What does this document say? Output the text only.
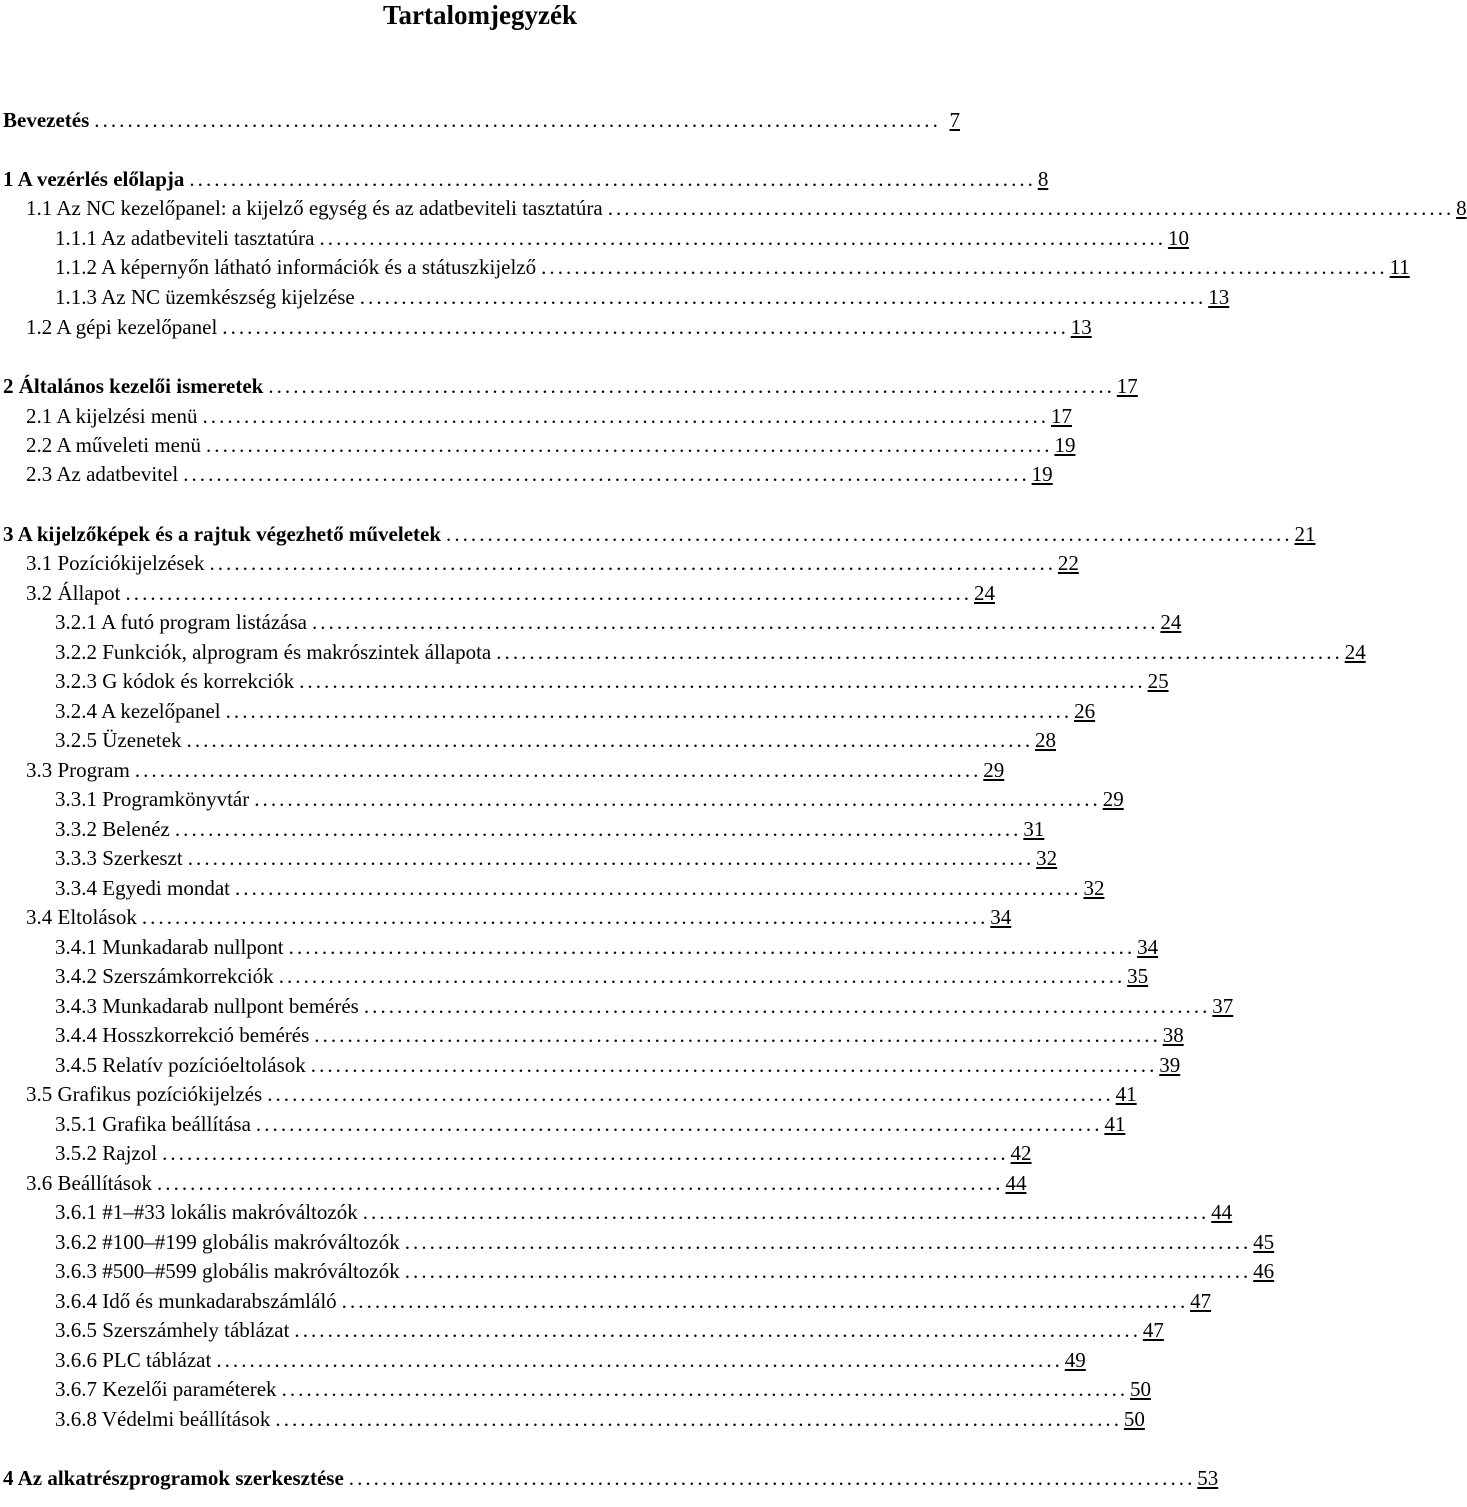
Tartalomjegyzék
Bevezetés . . .	7
1 A vezérlés előlapja . . .	8
1.1 Az NC kezelőpanel: a kijelző egység és az adatbeviteli tasztatúra . . .	8
1.1.1 Az adatbeviteli tasztatúra . . .	10
1.1.2 A képernyőn látható információk és a státuszkijelző . . .	11
1.1.3 Az NC üzemkészség kijelzése . . .	13
1.2 A gépi kezelőpanel . . .	13
2 Általános kezelői ismeretek . . .	17
2.1 A kijelzési menü . . .	17
2.2 A műveleti menü . . .	19
2.3 Az adatbevitel . . .	19
3 A kijelzőképek és a rajtuk végezhető műveletek . . .	21
3.1 Pozíciókijelzések . . .	22
3.2 Állapot . . .	24
3.2.1 A futó program listázása . . .	24
3.2.2 Funkciók, alprogram és makrószintek állapota . . .	24
3.2.3 G kódok és korrekciók . . .	25
3.2.4 A kezelőpanel . . .	26
3.2.5 Üzenetek . . .	28
3.3 Program . . .	29
3.3.1 Programkönyvtár . . .	29
3.3.2 Belenéz . . .	31
3.3.3 Szerkeszt . . .	32
3.3.4 Egyedi mondat . . .	32
3.4 Eltolások . . .	34
3.4.1 Munkadarab nullpont . . .	34
3.4.2 Szerszámkorrekciók . . .	35
3.4.3 Munkadarab nullpont bemérés . . .	37
3.4.4 Hosszkorrekció bemérés . . .	38
3.4.5 Relatív pozícióeltolások . . .	39
3.5 Grafikus pozíciókijelzés . . .	41
3.5.1 Grafika beállítása . . .	41
3.5.2 Rajzol . . .	42
3.6 Beállítások . . .	44
3.6.1 #1–#33 lokális makróváltozók . . .	44
3.6.2 #100–#199 globális makróváltozók . . .	45
3.6.3 #500–#599 globális makróváltozók . . .	46
3.6.4 Idő és munkadarabszámláló . . .	47
3.6.5 Szerszámhely táblázat . . .	47
3.6.6 PLC táblázat . . .	49
3.6.7 Kezelői paraméterek . . .	50
3.6.8 Védelmi beállítások . . .	50
4 Az alkatrészprogramok szerkesztése . . .	53
